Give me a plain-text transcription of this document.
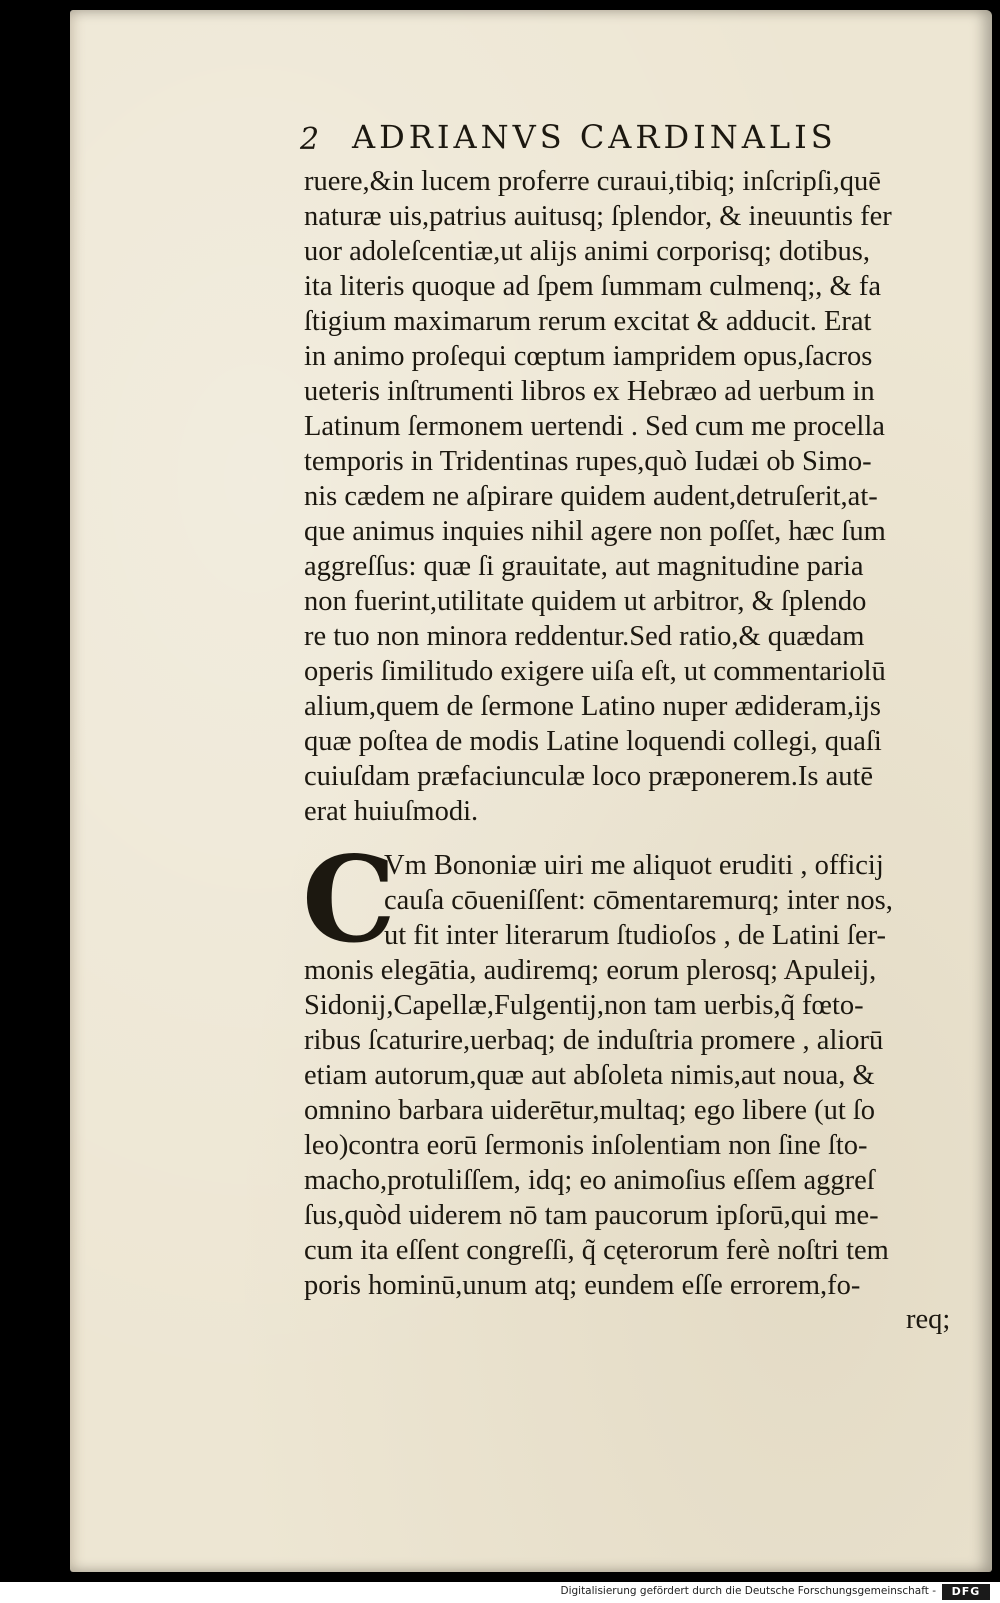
2 ADRIANVS CARDINALIS
ruere,&in lucem proferre curaui,tibiq; inſcripſi,quē
naturæ uis,patrius auitusq; ſplendor, & ineuuntis fer
uor adoleſcentiæ,ut alijs animi corporisq; dotibus,
ita literis quoque ad ſpem ſummam culmenq;, & fa
ſtigium maximarum rerum excitat & adducit. Erat
in animo proſequi cœptum iampridem opus,ſacros
ueteris inſtrumenti libros ex Hebræo ad uerbum in
Latinum ſermonem uertendi . Sed cum me procella
temporis in Tridentinas rupes,quò Iudæi ob Simo-
nis cædem ne aſpirare quidem audent,detruſerit,at-
que animus inquies nihil agere non poſſet, hæc ſum
aggreſſus: quæ ſi grauitate, aut magnitudine paria
non fuerint,utilitate quidem ut arbitror, & ſplendo
re tuo non minora reddentur.Sed ratio,& quædam
operis ſimilitudo exigere uiſa eſt, ut commentariolū
alium,quem de ſermone Latino nuper ædideram,ijs
quæ poſtea de modis Latine loquendi collegi, quaſi
cuiuſdam præfaciunculæ loco præponerem.Is autē
erat huiuſmodi.
C
Vm Bononiæ uiri me aliquot eruditi , officij
cauſa cōueniſſent: cōmentaremurq; inter nos,
ut fit inter literarum ſtudioſos , de Latini ſer-
monis elegātia, audiremq; eorum plerosq; Apuleij,
Sidonij,Capellæ,Fulgentij,non tam uerbis,q̃ fœto-
ribus ſcaturire,uerbaq; de induſtria promere , aliorū
etiam autorum,quæ aut abſoleta nimis,aut noua, &
omnino barbara uiderētur,multaq; ego libere (ut ſo
leo)contra eorū ſermonis inſolentiam non ſine ſto-
macho,protuliſſem, idq; eo animoſius eſſem aggreſ
ſus,quòd uiderem nō tam paucorum ipſorū,qui me-
cum ita eſſent congreſſi, q̃ cęterorum ferè noſtri tem
poris hominū,unum atq; eundem eſſe errorem,fo-
req;
Digitalisierung gefördert durch die Deutsche Forschungsgemeinschaft -	DFG
